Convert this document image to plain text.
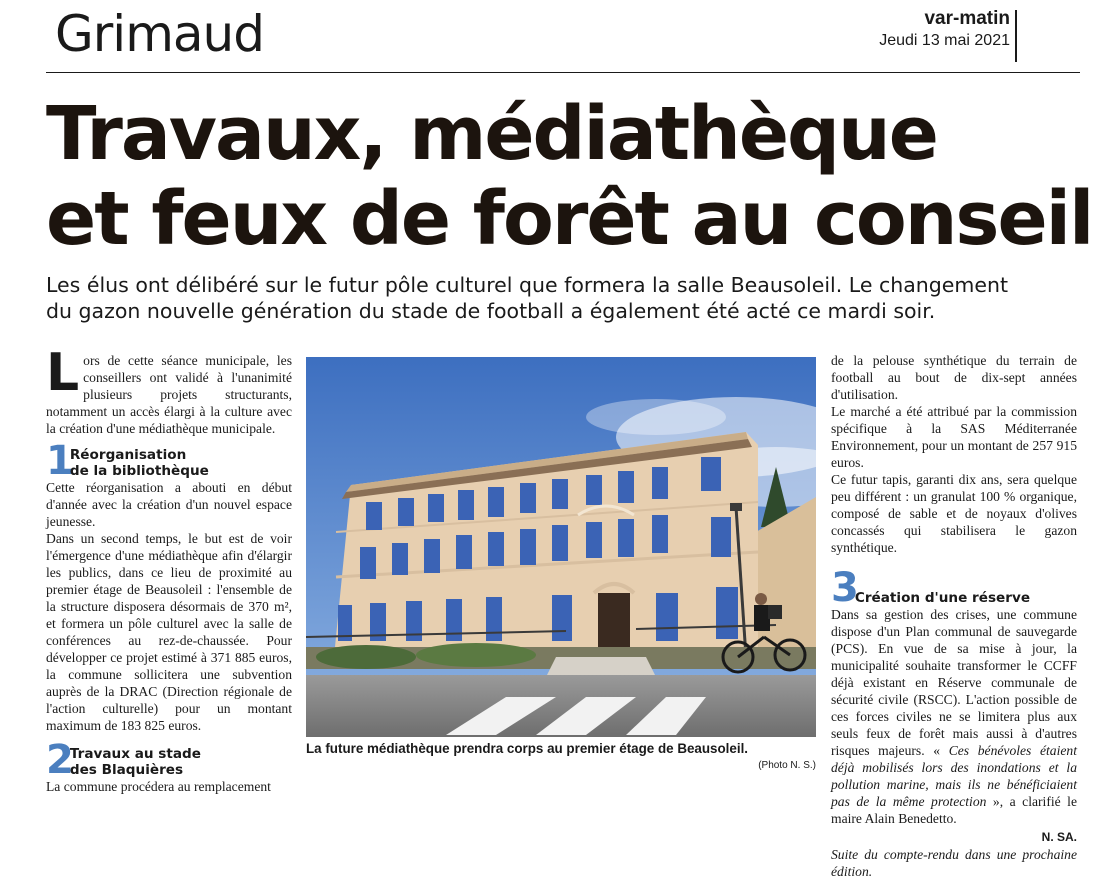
Grimaud	var-matin
Jeudi 13 mai 2021
Travaux, médiathèque
et feux de forêt au conseil

Les élus ont délibéré sur le futur pôle culturel que formera la salle Beausoleil. Le changement
du gazon nouvelle génération du stade de football a également été acté ce mardi soir.

Lors de cette séance municipale, les conseillers ont validé à l'unanimité plusieurs projets structurants, notamment un accès élargi à la culture avec la création d'une médiathèque municipale.

1
Réorganisation
de la bibliothèque

Cette réorganisation a abouti en début d'année avec la création d'un nouvel espace jeunesse.

Dans un second temps, le but est de voir l'émergence d'une médiathèque afin d'élargir les publics, dans ce lieu de proximité au premier étage de Beausoleil : l'ensemble de la structure disposera désormais de 370 m², et formera un pôle culturel avec la salle de conférences au rez-de-chaussée. Pour développer ce projet estimé à 371 885 euros, la commune sollicitera une subvention auprès de la DRAC (Direction régionale de l'action culturelle) pour un montant maximum de 183 825 euros.

2
Travaux au stade
des Blaquières

La commune procédera au remplacement

La future médiathèque prendra corps au premier étage de Beausoleil.
(Photo N. S.)

de la pelouse synthétique du terrain de football au bout de dix-sept années d'utilisation.

Le marché a été attribué par la commission spécifique à la SAS Méditerranée Environnement, pour un montant de 257 915 euros.

Ce futur tapis, garanti dix ans, sera quelque peu différent : un granulat 100 % organique, composé de sable et de noyaux d'olives concassés qui stabilisera le gazon synthétique.

3
Création d'une réserve

Dans sa gestion des crises, une commune dispose d'un Plan communal de sauvegarde (PCS). En vue de sa mise à jour, la municipalité souhaite transformer le CCFF déjà existant en Réserve communale de sécurité civile (RSCC). L'action possible de ces forces civiles ne se limitera plus aux seuls feux de forêt mais aussi à d'autres risques majeurs. « Ces bénévoles étaient déjà mobilisés lors des inondations et la pollution marine, mais ils ne bénéficiaient pas de la même protection », a clarifié le maire Alain Benedetto.

N. SA.

Suite du compte-rendu dans une prochaine édition.
